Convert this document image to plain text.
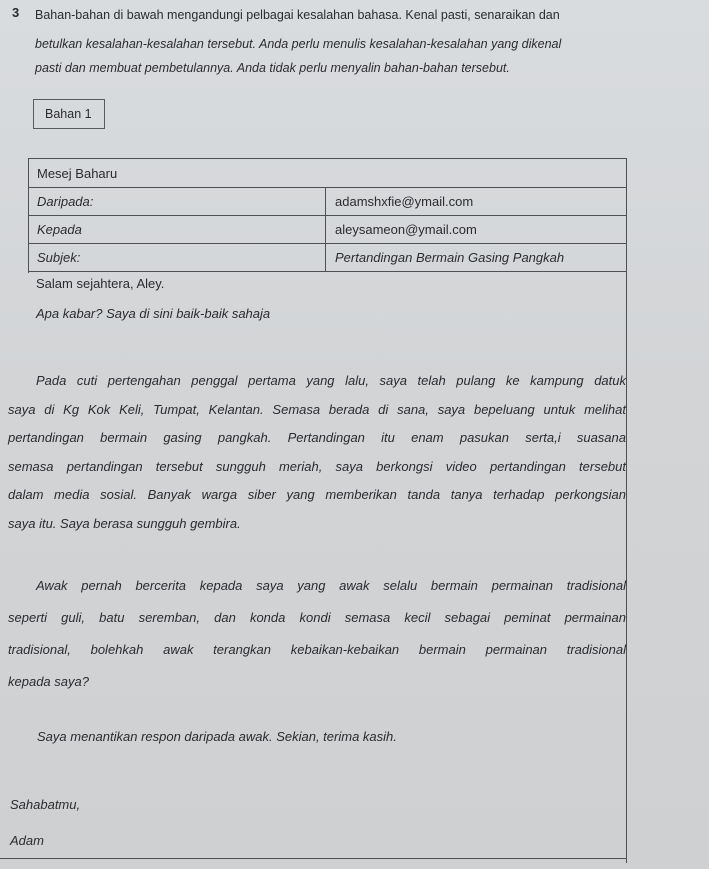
3 Bahan-bahan di bawah mengandungi pelbagai kesalahan bahasa. Kenal pasti, senaraikan dan
betulkan kesalahan-kesalahan tersebut. Anda perlu menulis kesalahan-kesalahan yang dikenal
pasti dan membuat pembetulannya. Anda tidak perlu menyalin bahan-bahan tersebut.
Bahan 1
Mesej Baharu	
Daripada:	adamshxfie@ymail.com
Kepada	aleysameon@ymail.com
Subjek:	Pertandingan Bermain Gasing Pangkah
Salam sejahtera, Aley.
Apa kabar? Saya di sini baik-baik sahaja
Pada cuti pertengahan penggal pertama yang lalu, saya telah pulang ke kampung datuk
saya di Kg Kok Keli, Tumpat, Kelantan. Semasa berada di sana, saya bepeluang untuk melihat
pertandingan bermain gasing pangkah. Pertandingan itu enam pasukan serta,i suasana
semasa pertandingan tersebut sungguh meriah, saya berkongsi video pertandingan tersebut
dalam media sosial. Banyak warga siber yang memberikan tanda tanya terhadap perkongsian
saya itu. Saya berasa sungguh gembira.
Awak pernah bercerita kepada saya yang awak selalu bermain permainan tradisional
seperti guli, batu seremban, dan konda kondi semasa kecil sebagai peminat permainan
tradisional, bolehkah awak terangkan kebaikan-kebaikan bermain permainan tradisional
kepada saya?
Saya menantikan respon daripada awak. Sekian, terima kasih.
Sahabatmu,
Adam
